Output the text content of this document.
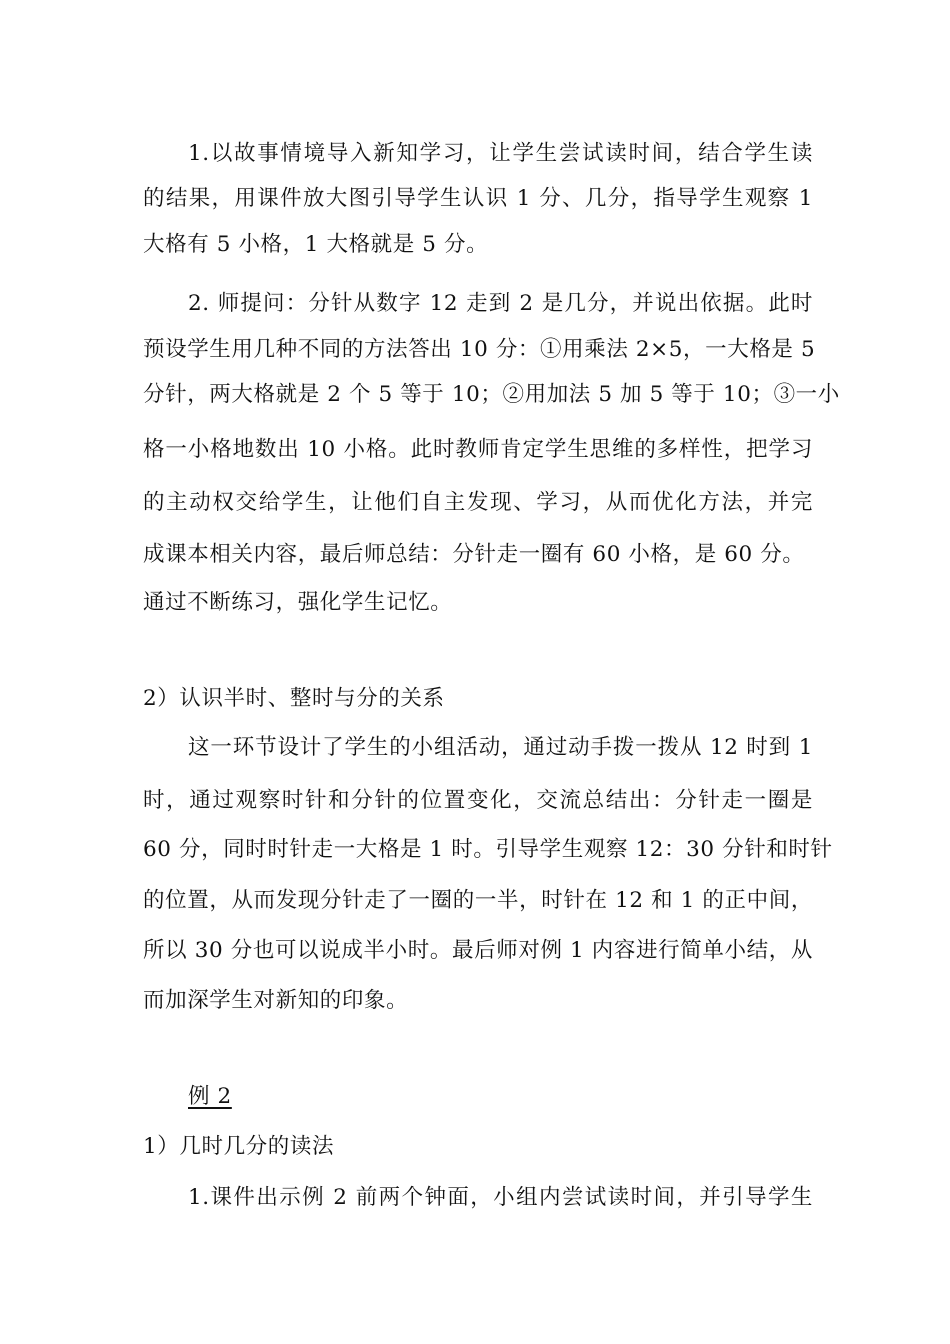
1.以故事情境导入新知学习，让学生尝试读时间，结合学生读
的结果，用课件放大图引导学生认识 1 分、几分，指导学生观察 1
大格有 5 小格，1 大格就是 5 分。
2. 师提问：分针从数字 12 走到 2 是几分，并说出依据。此时
预设学生用几种不同的方法答出 10 分：①用乘法 2×5，一大格是 5
分针，两大格就是 2 个 5 等于 10；②用加法 5 加 5 等于 10；③一小
格一小格地数出 10 小格。此时教师肯定学生思维的多样性，把学习
的主动权交给学生，让他们自主发现、学习，从而优化方法，并完
成课本相关内容，最后师总结：分针走一圈有 60 小格，是 60 分。
通过不断练习，强化学生记忆。
2）认识半时、整时与分的关系
这一环节设计了学生的小组活动，通过动手拨一拨从 12 时到 1
时，通过观察时针和分针的位置变化，交流总结出：分针走一圈是
60 分，同时时针走一大格是 1 时。引导学生观察 12：30 分针和时针
的位置，从而发现分针走了一圈的一半，时针在 12 和 1 的正中间，
所以 30 分也可以说成半小时。最后师对例 1 内容进行简单小结，从
而加深学生对新知的印象。
例 2
1）几时几分的读法
1.课件出示例 2 前两个钟面，小组内尝试读时间，并引导学生
